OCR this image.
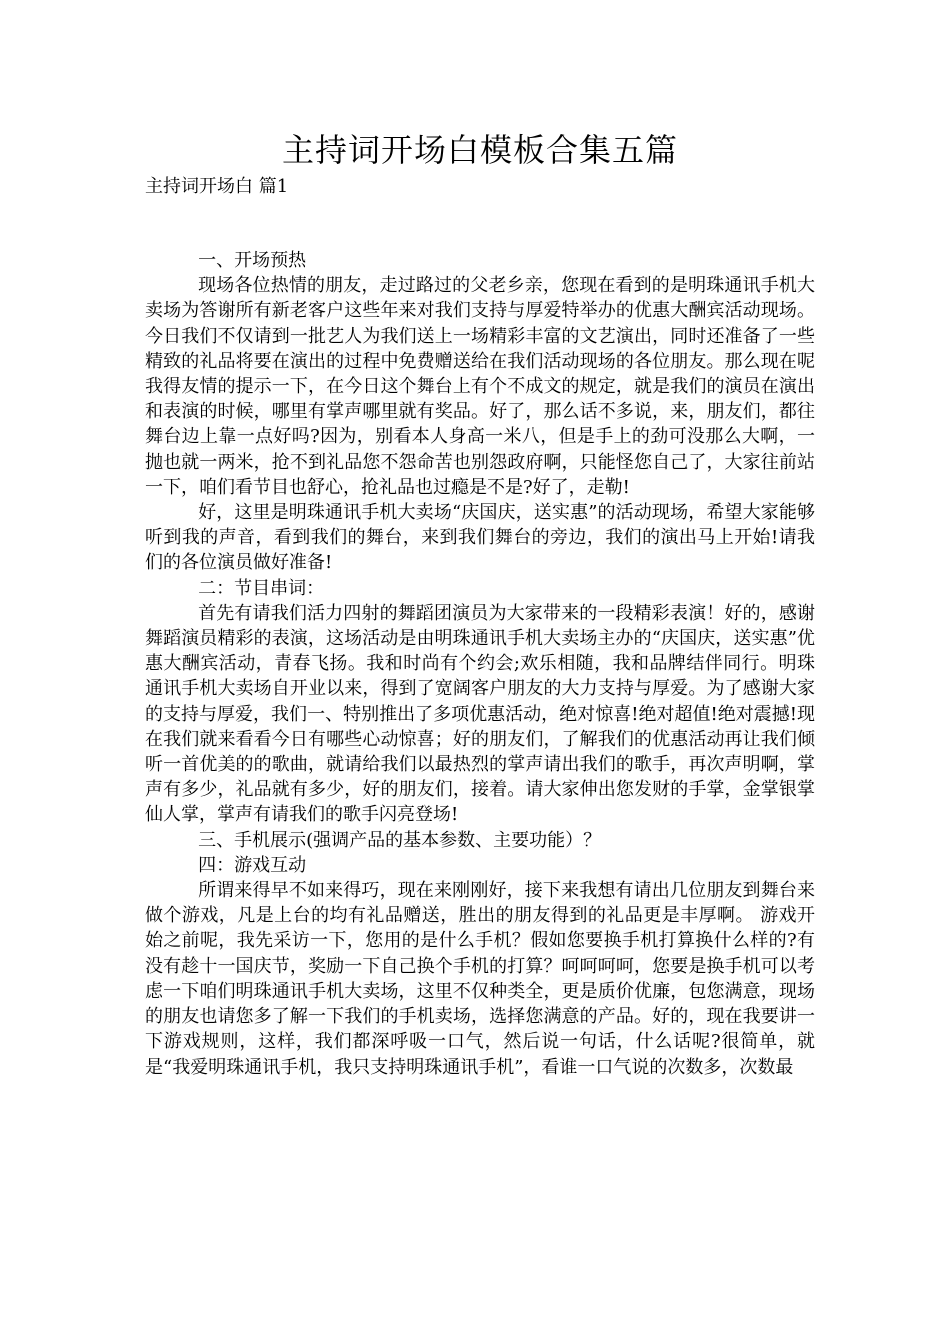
主持词开场白模板合集五篇
主持词开场白 篇1

一、开场预热

现场各位热情的朋友，走过路过的父老乡亲，您现在看到的是明珠通讯手机大卖场为答谢所有新老客户这些年来对我们支持与厚爱特举办的优惠大酬宾活动现场。今日我们不仅请到一批艺人为我们送上一场精彩丰富的文艺演出，同时还准备了一些精致的礼品将要在演出的过程中免费赠送给在我们活动现场的各位朋友。那么现在呢我得友情的提示一下，在今日这个舞台上有个不成文的规定，就是我们的演员在演出和表演的时候，哪里有掌声哪里就有奖品。好了，那么话不多说，来，朋友们，都往舞台边上靠一点好吗?因为，别看本人身高一米八，但是手上的劲可没那么大啊，一抛也就一两米，抢不到礼品您不怨命苦也别怨政府啊，只能怪您自己了，大家往前站一下，咱们看节目也舒心，抢礼品也过瘾是不是?好了，走勒!

好，这里是明珠通讯手机大卖场“庆国庆，送实惠”的活动现场，希望大家能够听到我的声音，看到我们的舞台，来到我们舞台的旁边，我们的演出马上开始!请我们的各位演员做好准备!

二：节目串词：

首先有请我们活力四射的舞蹈团演员为大家带来的一段精彩表演！好的，感谢舞蹈演员精彩的表演，这场活动是由明珠通讯手机大卖场主办的“庆国庆，送实惠”优惠大酬宾活动，青春飞扬。我和时尚有个约会;欢乐相随，我和品牌结伴同行。明珠通讯手机大卖场自开业以来，得到了宽阔客户朋友的大力支持与厚爱。为了感谢大家的支持与厚爱，我们一、特别推出了多项优惠活动，绝对惊喜!绝对超值!绝对震撼!现在我们就来看看今日有哪些心动惊喜；好的朋友们，了解我们的优惠活动再让我们倾听一首优美的的歌曲，就请给我们以最热烈的掌声请出我们的歌手，再次声明啊，掌声有多少，礼品就有多少，好的朋友们，接着。请大家伸出您发财的手掌，金掌银掌仙人掌，掌声有请我们的歌手闪亮登场!

三、手机展示(强调产品的基本参数、主要功能）？

四：游戏互动

所谓来得早不如来得巧，现在来刚刚好，接下来我想有请出几位朋友到舞台来做个游戏，凡是上台的均有礼品赠送，胜出的朋友得到的礼品更是丰厚啊。 游戏开始之前呢，我先采访一下，您用的是什么手机？假如您要换手机打算换什么样的?有没有趁十一国庆节，奖励一下自己换个手机的打算？呵呵呵呵，您要是换手机可以考虑一下咱们明珠通讯手机大卖场，这里不仅种类全，更是质价优廉，包您满意，现场的朋友也请您多了解一下我们的手机卖场，选择您满意的产品。好的，现在我要讲一下游戏规则，这样，我们都深呼吸一口气，然后说一句话，什么话呢?很简单，就是“我爱明珠通讯手机，我只支持明珠通讯手机”，看谁一口气说的次数多，次数最
